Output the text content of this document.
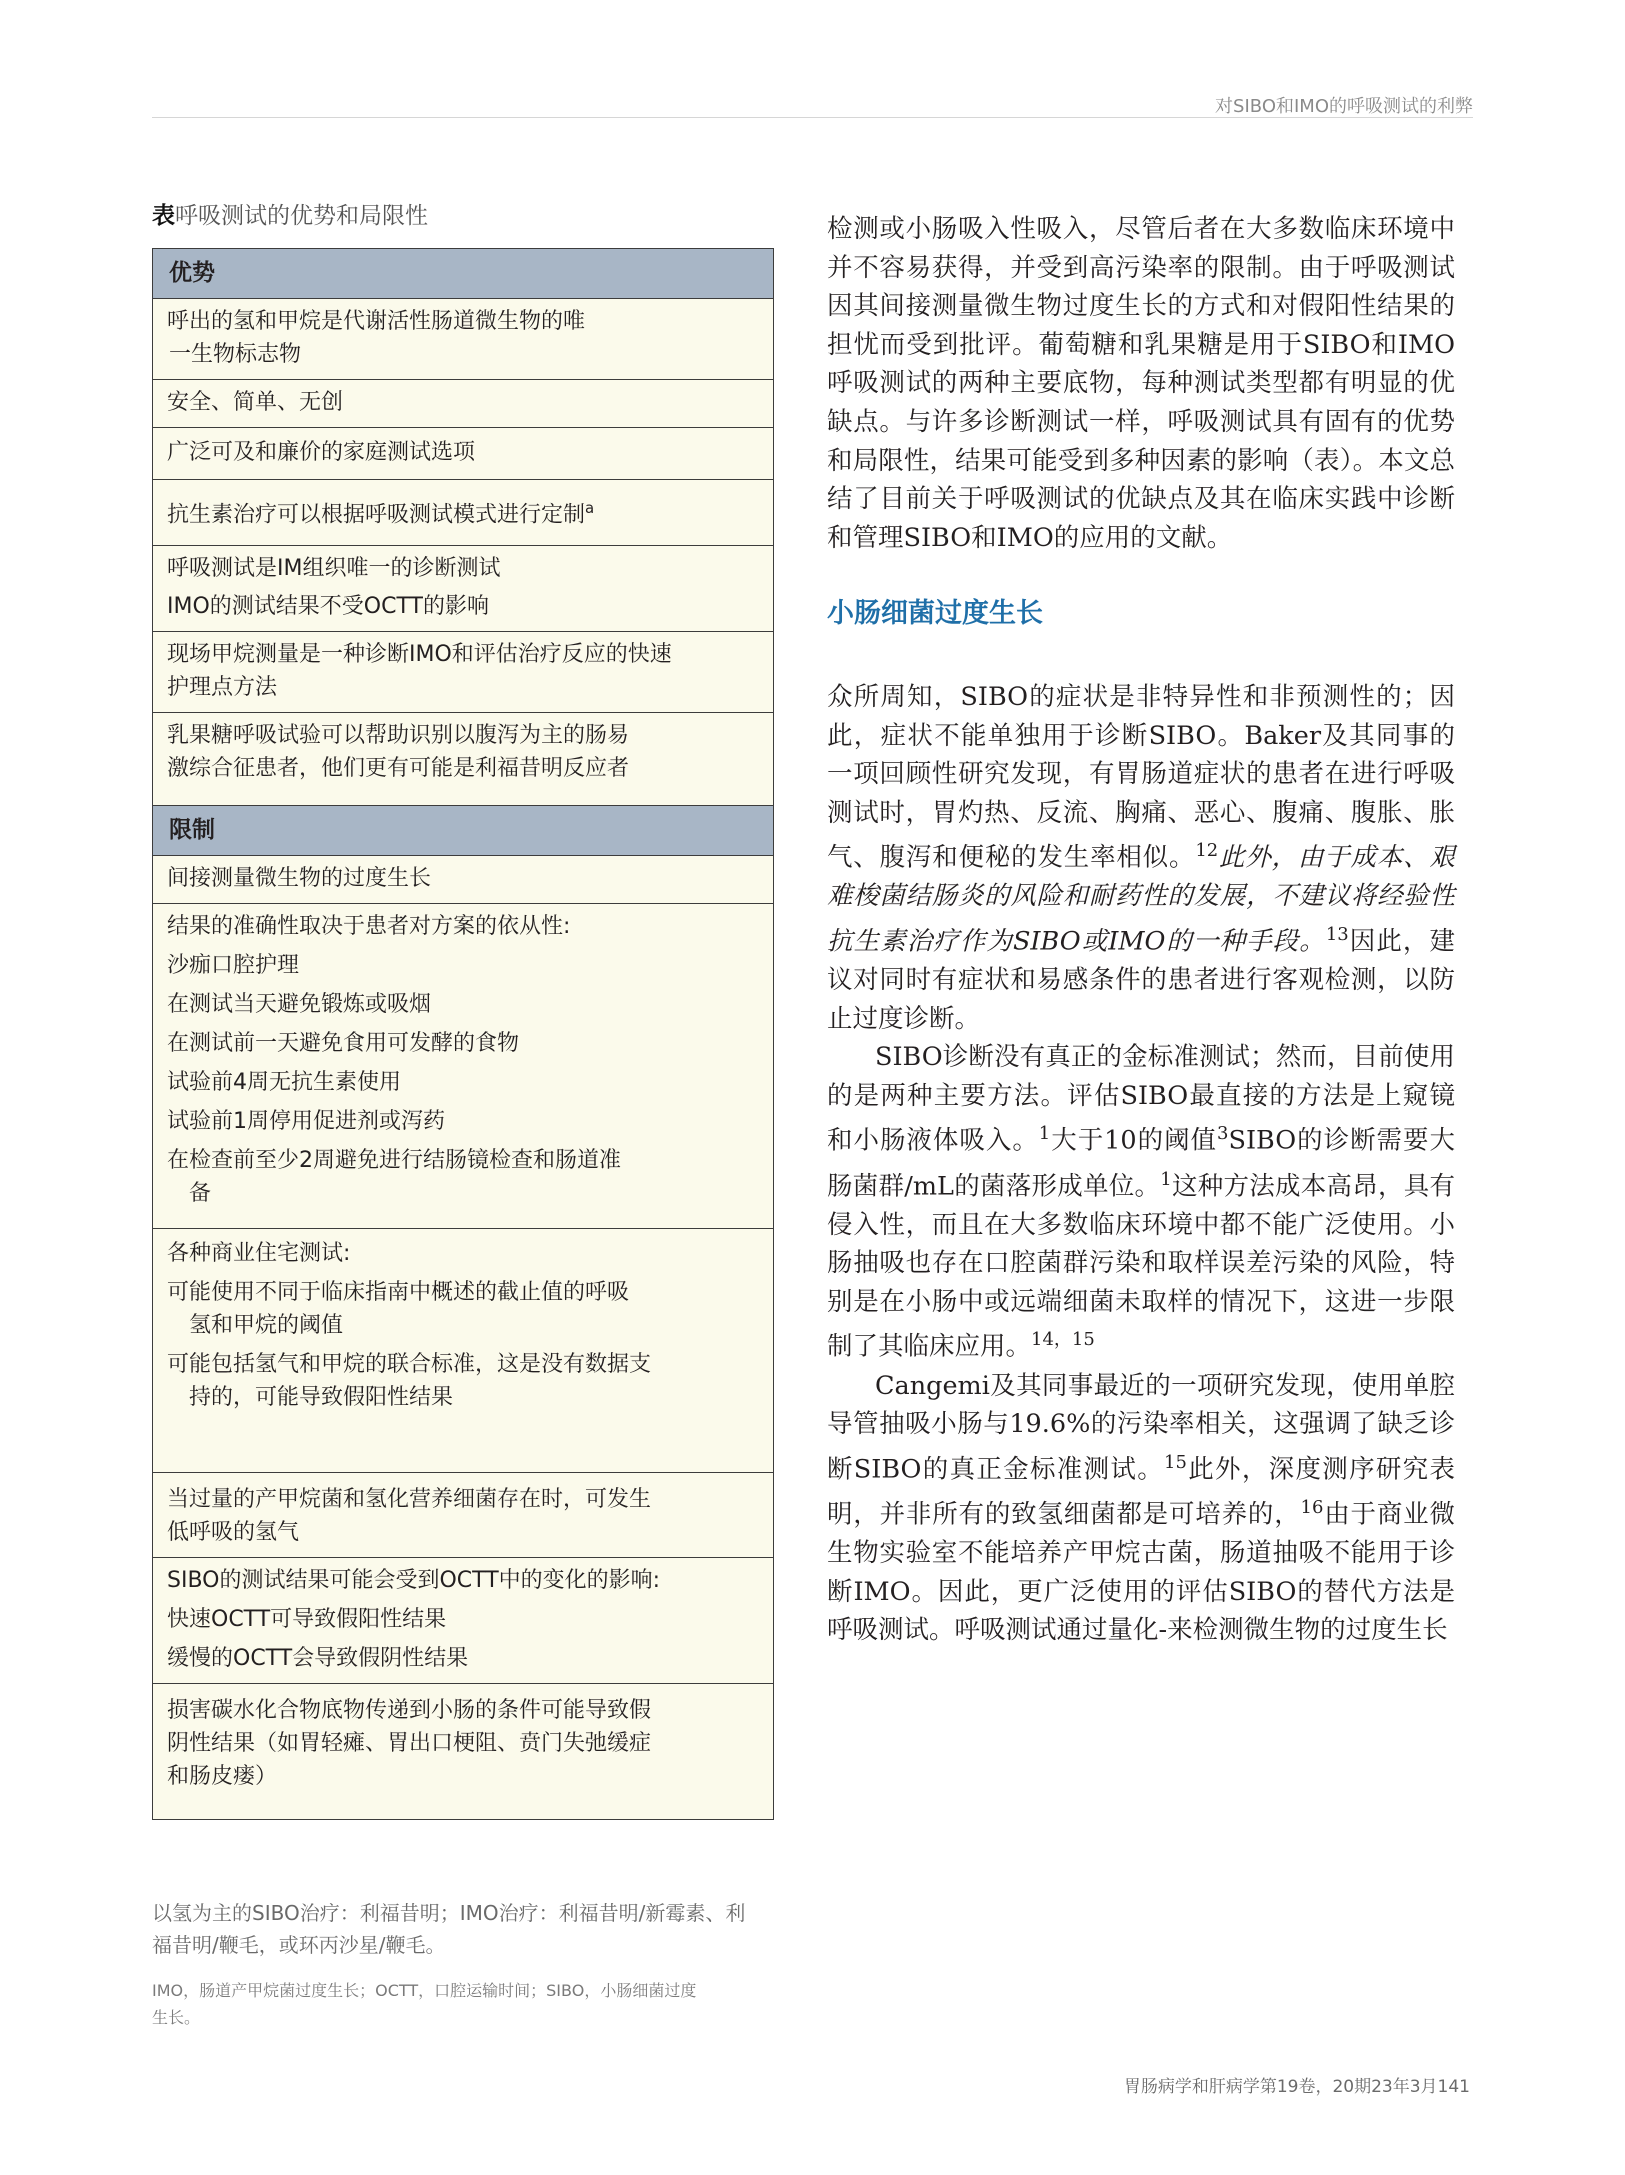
对SIBO和IMO的呼吸测试的利弊
表呼吸测试的优势和局限性
优势

呼出的氢和甲烷是代谢活性肠道微生物的唯
一生物标志物

安全、简单、无创

广泛可及和廉价的家庭测试选项

抗生素治疗可以根据呼吸测试模式进行定制$^a$

呼吸测试是IM组织唯一的诊断测试
IMO的测试结果不受OCTT的影响

现场甲烷测量是一种诊断IMO和评估治疗反应的快速
护理点方法

乳果糖呼吸试验可以帮助识别以腹泻为主的肠易
激综合征患者，他们更有可能是利福昔明反应者

限制

间接测量微生物的过度生长

结果的准确性取决于患者对方案的依从性:
沙痂口腔护理
在测试当天避免锻炼或吸烟
在测试前一天避免食用可发酵的食物
试验前4周无抗生素使用
试验前1周停用促进剂或泻药
在检查前至少2周避免进行结肠镜检查和肠道准
备

各种商业住宅测试:
可能使用不同于临床指南中概述的截止值的呼吸
氢和甲烷的阈值
可能包括氢气和甲烷的联合标准，这是没有数据支
持的，可能导致假阳性结果

当过量的产甲烷菌和氢化营养细菌存在时，可发生
低呼吸的氢气

SIBO的测试结果可能会受到OCTT中的变化的影响:
快速OCTT可导致假阳性结果
缓慢的OCTT会导致假阴性结果

损害碳水化合物底物传递到小肠的条件可能导致假
阴性结果（如胃轻瘫、胃出口梗阻、贲门失弛缓症
和肠皮瘘）
以氢为主的SIBO治疗：利福昔明；IMO治疗：利福昔明/新霉素、利福昔明/鞭毛，或环丙沙星/鞭毛。
IMO，肠道产甲烷菌过度生长；OCTT，口腔运输时间；SIBO，小肠细菌过度生长。

检测或小肠吸入性吸入，尽管后者在大多数临床环境中并不容易获得，并受到高污染率的限制。由于呼吸测试因其间接测量微生物过度生长的方式和对假阳性结果的担忧而受到批评。葡萄糖和乳果糖是用于SIBO和IMO呼吸测试的两种主要底物，每种测试类型都有明显的优缺点。与许多诊断测试一样，呼吸测试具有固有的优势和局限性，结果可能受到多种因素的影响（表）。本文总结了目前关于呼吸测试的优缺点及其在临床实践中诊断和管理SIBO和IMO的应用的文献。

小肠细菌过度生长

众所周知，SIBO的症状是非特异性和非预测性的；因此，症状不能单独用于诊断SIBO。Baker及其同事的一项回顾性研究发现，有胃肠道症状的患者在进行呼吸测试时，胃灼热、反流、胸痛、恶心、腹痛、腹胀、胀气、腹泻和便秘的发生率相似。$^{12}$此外，由于成本、艰难梭菌结肠炎的风险和耐药性的发展，不建议将经验性抗生素治疗作为SIBO或IMO的一种手段。$^{13}$因此，建议对同时有症状和易感条件的患者进行客观检测，以防止过度诊断。

SIBO诊断没有真正的金标准测试；然而，目前使用的是两种主要方法。评估SIBO最直接的方法是上窥镜和小肠液体吸入。$^1$大于10的阈值$^3$SIBO的诊断需要大肠菌群/mL的菌落形成单位。$^1$这种方法成本高昂，具有侵入性，而且在大多数临床环境中都不能广泛使用。小肠抽吸也存在口腔菌群污染和取样误差污染的风险，特别是在小肠中或远端细菌未取样的情况下，这进一步限制了其临床应用。$^{14,15}$

Cangemi及其同事最近的一项研究发现，使用单腔导管抽吸小肠与19.6%的污染率相关，这强调了缺乏诊断SIBO的真正金标准测试。$^{15}$此外，深度测序研究表明，并非所有的致氢细菌都是可培养的，$^{16}$由于商业微生物实验室不能培养产甲烷古菌，肠道抽吸不能用于诊断IMO。因此，更广泛使用的评估SIBO的替代方法是呼吸测试。呼吸测试通过量化-来检测微生物的过度生长

胃肠病学和肝病学第19卷，20期23年3月141
